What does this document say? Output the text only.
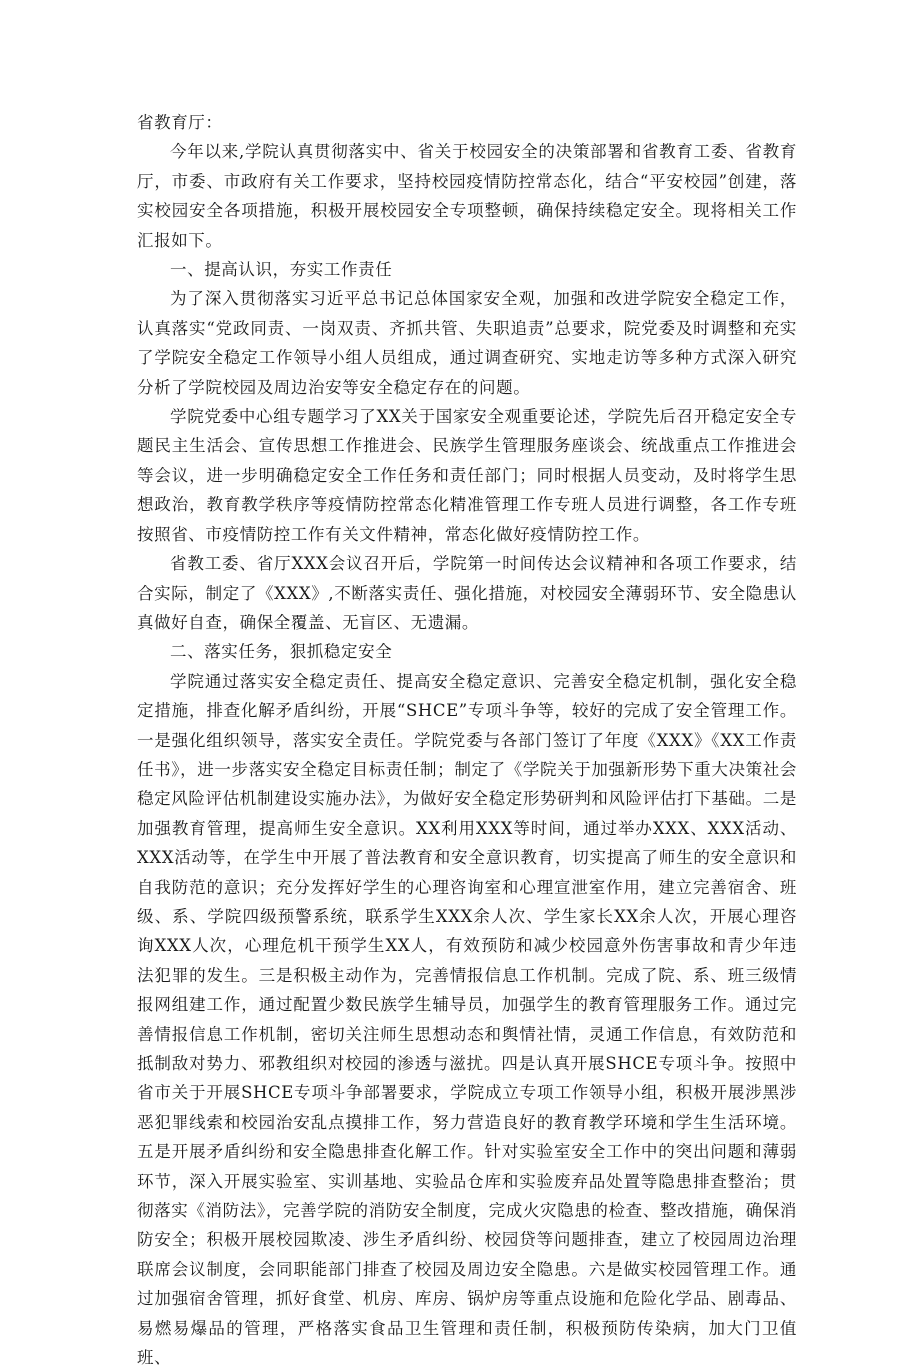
省教育厅：

今年以来,学院认真贯彻落实中、省关于校园安全的决策部署和省教育工委、省教育厅，市委、市政府有关工作要求，坚持校园疫情防控常态化，结合“平安校园”创建，落实校园安全各项措施，积极开展校园安全专项整顿，确保持续稳定安全。现将相关工作汇报如下。

一、提高认识，夯实工作责任

为了深入贯彻落实习近平总书记总体国家安全观，加强和改进学院安全稳定工作，认真落实“党政同责、一岗双责、齐抓共管、失职追责”总要求，院党委及时调整和充实了学院安全稳定工作领导小组人员组成，通过调查研究、实地走访等多种方式深入研究分析了学院校园及周边治安等安全稳定存在的问题。

学院党委中心组专题学习了XX关于国家安全观重要论述，学院先后召开稳定安全专题民主生活会、宣传思想工作推进会、民族学生管理服务座谈会、统战重点工作推进会等会议，进一步明确稳定安全工作任务和责任部门；同时根据人员变动，及时将学生思想政治，教育教学秩序等疫情防控常态化精准管理工作专班人员进行调整，各工作专班按照省、市疫情防控工作有关文件精神，常态化做好疫情防控工作。

省教工委、省厅XXX会议召开后，学院第一时间传达会议精神和各项工作要求，结合实际，制定了《XXX》,不断落实责任、强化措施，对校园安全薄弱环节、安全隐患认真做好自查，确保全覆盖、无盲区、无遗漏。

二、落实任务，狠抓稳定安全

学院通过落实安全稳定责任、提高安全稳定意识、完善安全稳定机制，强化安全稳定措施，排查化解矛盾纠纷，开展“SHCE”专项斗争等，较好的完成了安全管理工作。一是强化组织领导，落实安全责任。学院党委与各部门签订了年度《XXX》《XX工作责任书》，进一步落实安全稳定目标责任制；制定了《学院关于加强新形势下重大决策社会稳定风险评估机制建设实施办法》，为做好安全稳定形势研判和风险评估打下基础。二是加强教育管理，提高师生安全意识。XX利用XXX等时间，通过举办XXX、XXX活动、XXX活动等，在学生中开展了普法教育和安全意识教育，切实提高了师生的安全意识和自我防范的意识；充分发挥好学生的心理咨询室和心理宣泄室作用，建立完善宿舍、班级、系、学院四级预警系统，联系学生XXX余人次、学生家长XX余人次，开展心理咨询XXX人次，心理危机干预学生XX人，有效预防和减少校园意外伤害事故和青少年违法犯罪的发生。三是积极主动作为，完善情报信息工作机制。完成了院、系、班三级情报网组建工作，通过配置少数民族学生辅导员，加强学生的教育管理服务工作。通过完善情报信息工作机制，密切关注师生思想动态和舆情社情，灵通工作信息，有效防范和抵制敌对势力、邪教组织对校园的渗透与滋扰。四是认真开展SHCE专项斗争。按照中省市关于开展SHCE专项斗争部署要求，学院成立专项工作领导小组，积极开展涉黑涉恶犯罪线索和校园治安乱点摸排工作，努力营造良好的教育教学环境和学生生活环境。五是开展矛盾纠纷和安全隐患排查化解工作。针对实验室安全工作中的突出问题和薄弱环节，深入开展实验室、实训基地、实验品仓库和实验废弃品处置等隐患排查整治；贯彻落实《消防法》，完善学院的消防安全制度，完成火灾隐患的检查、整改措施，确保消防安全；积极开展校园欺凌、涉生矛盾纠纷、校园贷等问题排查，建立了校园周边治理联席会议制度，会同职能部门排查了校园及周边安全隐患。六是做实校园管理工作。通过加强宿舍管理，抓好食堂、机房、库房、锅炉房等重点设施和危险化学品、剧毒品、易燃易爆品的管理，严格落实食品卫生管理和责任制，积极预防传染病，加大门卫值班、
